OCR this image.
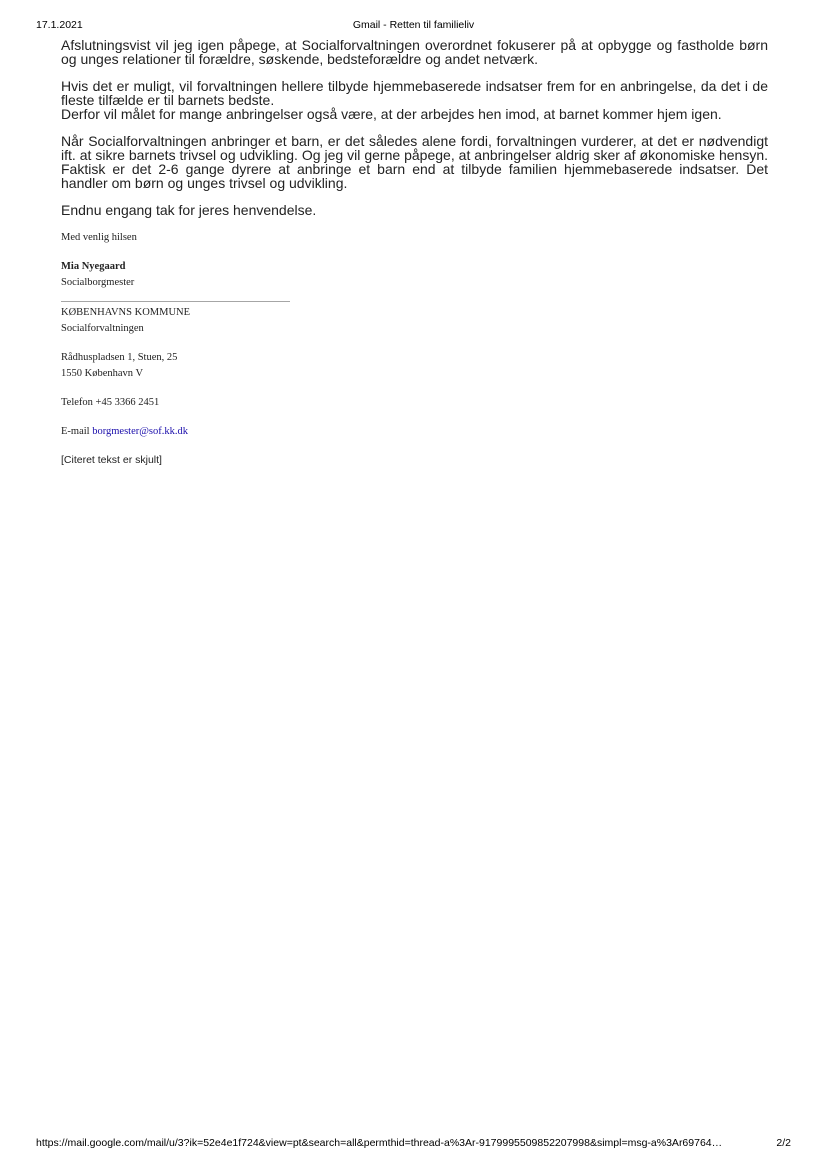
17.1.2021	Gmail - Retten til familieliv

Afslutningsvist vil jeg igen påpege, at Socialforvaltningen overordnet fokuserer på at opbygge og fastholde børn og unges relationer til forældre, søskende, bedsteforældre og andet netværk.

Hvis det er muligt, vil forvaltningen hellere tilbyde hjemmebaserede indsatser frem for en anbringelse, da det i de fleste tilfælde er til barnets bedste.

Derfor vil målet for mange anbringelser også være, at der arbejdes hen imod, at barnet kommer hjem igen.

Når Socialforvaltningen anbringer et barn, er det således alene fordi, forvaltningen vurderer, at det er nødvendigt ift. at sikre barnets trivsel og udvikling. Og jeg vil gerne påpege, at anbringelser aldrig sker af økonomiske hensyn. Faktisk er det 2-6 gange dyrere at anbringe et barn end at tilbyde familien hjemmebaserede indsatser. Det handler om børn og unges trivsel og udvikling.

Endnu engang tak for jeres henvendelse.

Med venlig hilsen
Mia Nyegaard
Socialborgmester
KØBENHAVNS KOMMUNE
Socialforvaltningen
Rådhuspladsen 1, Stuen, 25
1550 København V
Telefon +45 3366 2451
E-mail borgmester@sof.kk.dk
[Citeret tekst er skjult]
https://mail.google.com/mail/u/3?ik=52e4e1f724&view=pt&search=all&permthid=thread-a%3Ar-9179995509852207998&simpl=msg-a%3Ar69764…	2/2
